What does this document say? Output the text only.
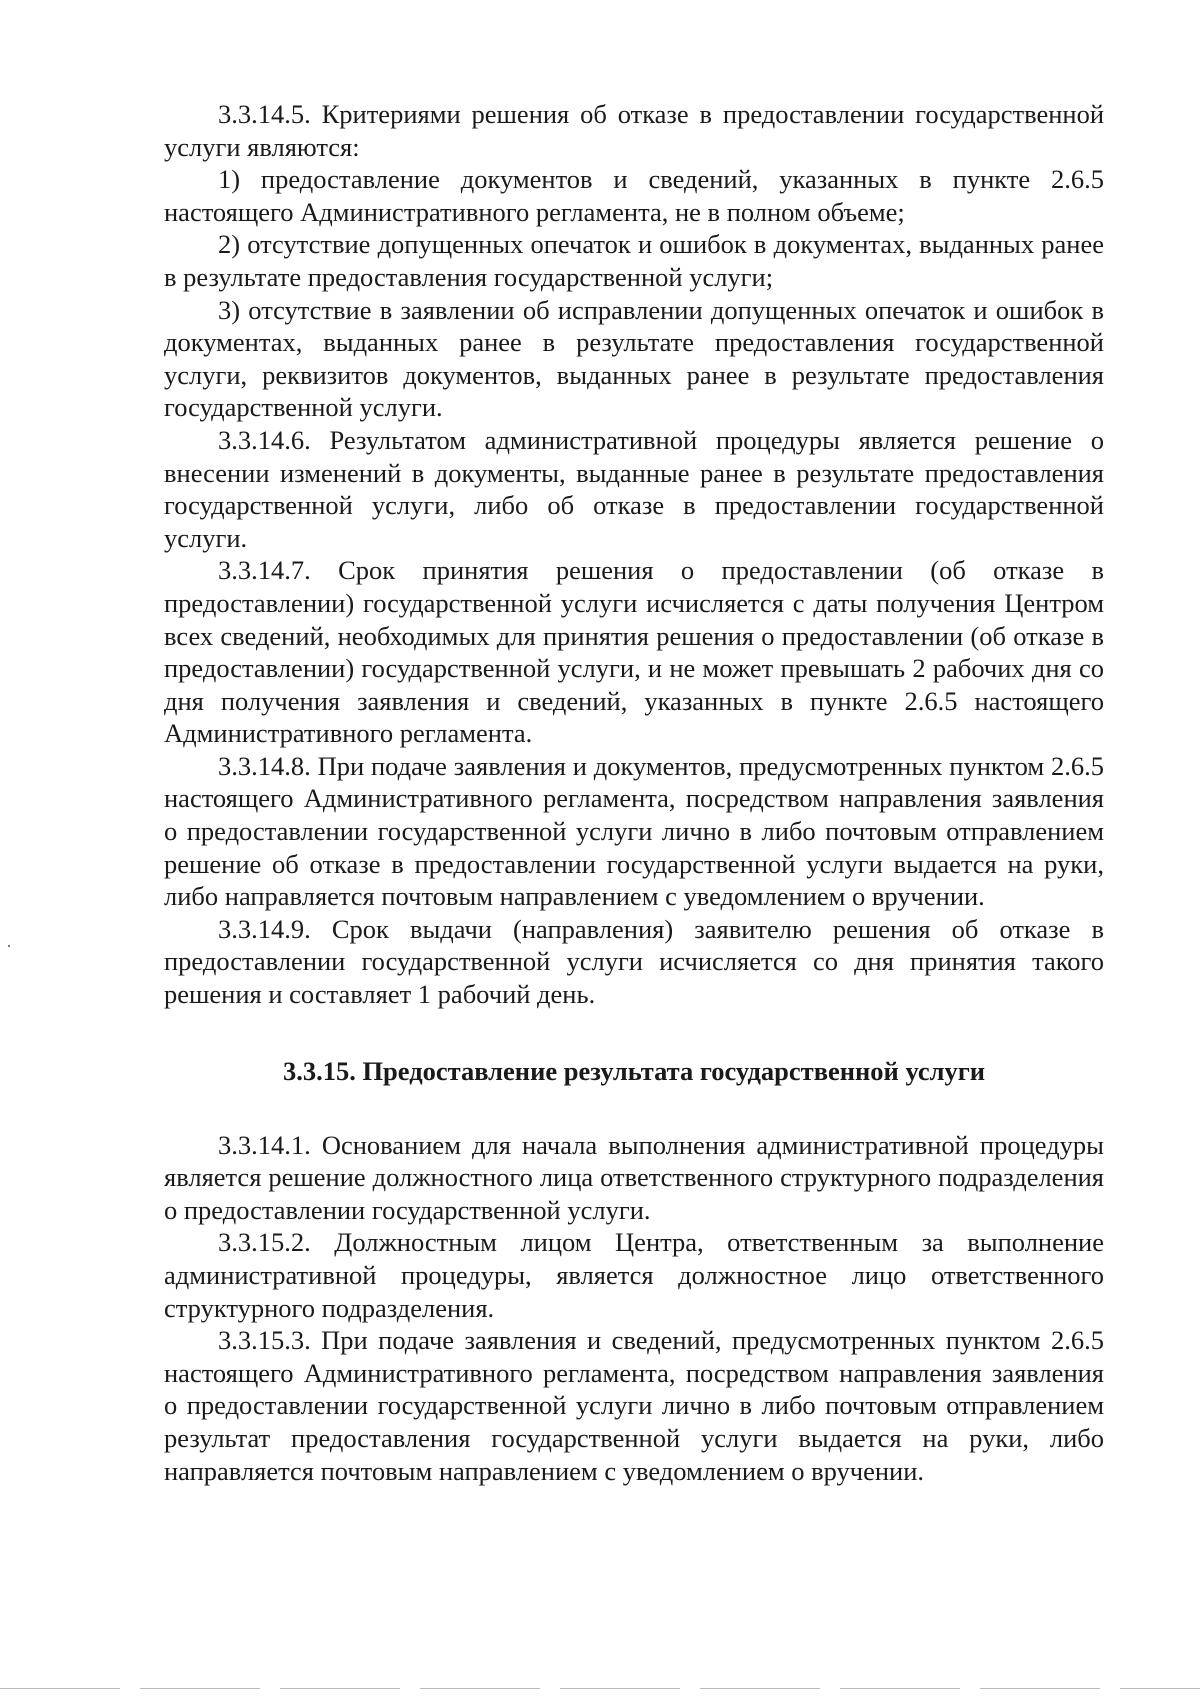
3.3.14.5. Критериями решения об отказе в предоставлении государственной услуги являются:

1) предоставление документов и сведений, указанных в пункте 2.6.5 настоящего Административного регламента, не в полном объеме;

2) отсутствие допущенных опечаток и ошибок в документах, выданных ранее в результате предоставления государственной услуги;

3) отсутствие в заявлении об исправлении допущенных опечаток и ошибок в документах, выданных ранее в результате предоставления государственной услуги, реквизитов документов, выданных ранее в результате предоставления государственной услуги.

3.3.14.6. Результатом административной процедуры является решение о внесении изменений в документы, выданные ранее в результате предоставления государственной услуги, либо об отказе в предоставлении государственной услуги.

3.3.14.7. Срок принятия решения о предоставлении (об отказе в предоставлении) государственной услуги исчисляется с даты получения Центром всех сведений, необходимых для принятия решения о предоставлении (об отказе в предоставлении) государственной услуги, и не может превышать 2 рабочих дня со дня получения заявления и сведений, указанных в пункте 2.6.5 настоящего Административного регламента.

3.3.14.8. При подаче заявления и документов, предусмотренных пунктом 2.6.5 настоящего Административного регламента, посредством направления заявления о предоставлении государственной услуги лично в либо почтовым отправлением решение об отказе в предоставлении государственной услуги выдается на руки, либо направляется почтовым направлением с уведомлением о вручении.

3.3.14.9. Срок выдачи (направления) заявителю решения об отказе в предоставлении государственной услуги исчисляется со дня принятия такого решения и составляет 1 рабочий день.

3.3.15. Предоставление результата государственной услуги

3.3.14.1. Основанием для начала выполнения административной процедуры является решение должностного лица ответственного структурного подразделения о предоставлении государственной услуги.

3.3.15.2. Должностным лицом Центра, ответственным за выполнение административной процедуры, является должностное лицо ответственного структурного подразделения.

3.3.15.3. При подаче заявления и сведений, предусмотренных пунктом 2.6.5 настоящего Административного регламента, посредством направления заявления о предоставлении государственной услуги лично в либо почтовым отправлением результат предоставления государственной услуги выдается на руки, либо направляется почтовым направлением с уведомлением о вручении.
